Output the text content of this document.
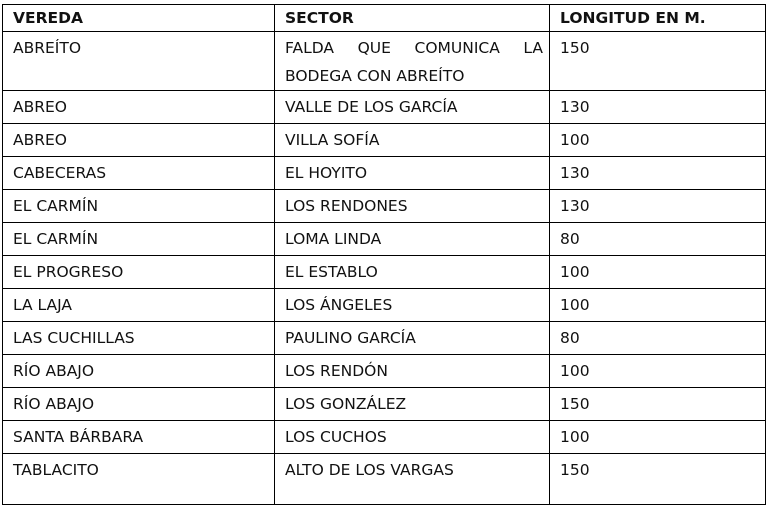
VEREDA	SECTOR	LONGITUD EN M.
ABREÍTO	FALDA QUE COMUNICA LA BODEGA CON ABREÍTO	150
ABREO	VALLE DE LOS GARCÍA	130
ABREO	VILLA SOFÍA	100
CABECERAS	EL HOYITO	130
EL CARMÍN	LOS RENDONES	130
EL CARMÍN	LOMA LINDA	80
EL PROGRESO	EL ESTABLO	100
LA LAJA	LOS ÁNGELES	100
LAS CUCHILLAS	PAULINO GARCÍA	80
RÍO ABAJO	LOS RENDÓN	100
RÍO ABAJO	LOS GONZÁLEZ	150
SANTA BÁRBARA	LOS CUCHOS	100
TABLACITO	ALTO DE LOS VARGAS	150
